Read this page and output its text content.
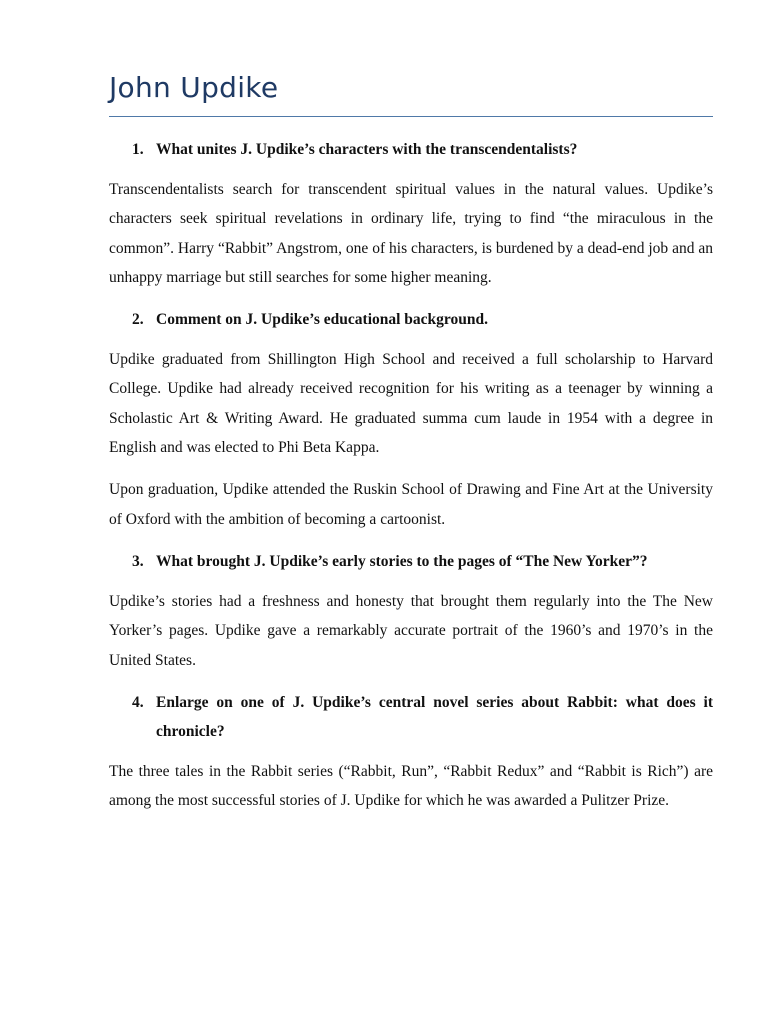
John Updike
1. What unites J. Updike’s characters with the transcendentalists?

Transcendentalists search for transcendent spiritual values in the natural values. Updike’s characters seek spiritual revelations in ordinary life, trying to find “the miraculous in the common”. Harry “Rabbit” Angstrom, one of his characters, is burdened by a dead-end job and an unhappy marriage but still searches for some higher meaning.

2. Comment on J. Updike’s educational background.

Updike graduated from Shillington High School and received a full scholarship to Harvard College. Updike had already received recognition for his writing as a teenager by winning a Scholastic Art & Writing Award. He graduated summa cum laude in 1954 with a degree in English and was elected to Phi Beta Kappa.

Upon graduation, Updike attended the Ruskin School of Drawing and Fine Art at the University of Oxford with the ambition of becoming a cartoonist.

3. What brought J. Updike’s early stories to the pages of “The New Yorker”?

Updike’s stories had a freshness and honesty that brought them regularly into the The New Yorker’s pages. Updike gave a remarkably accurate portrait of the 1960’s and 1970’s in the United States.

4. Enlarge on one of J. Updike’s central novel series about Rabbit: what does it chronicle?

The three tales in the Rabbit series (“Rabbit, Run”, “Rabbit Redux” and “Rabbit is Rich”) are among the most successful stories of J. Updike for which he was awarded a Pulitzer Prize.
